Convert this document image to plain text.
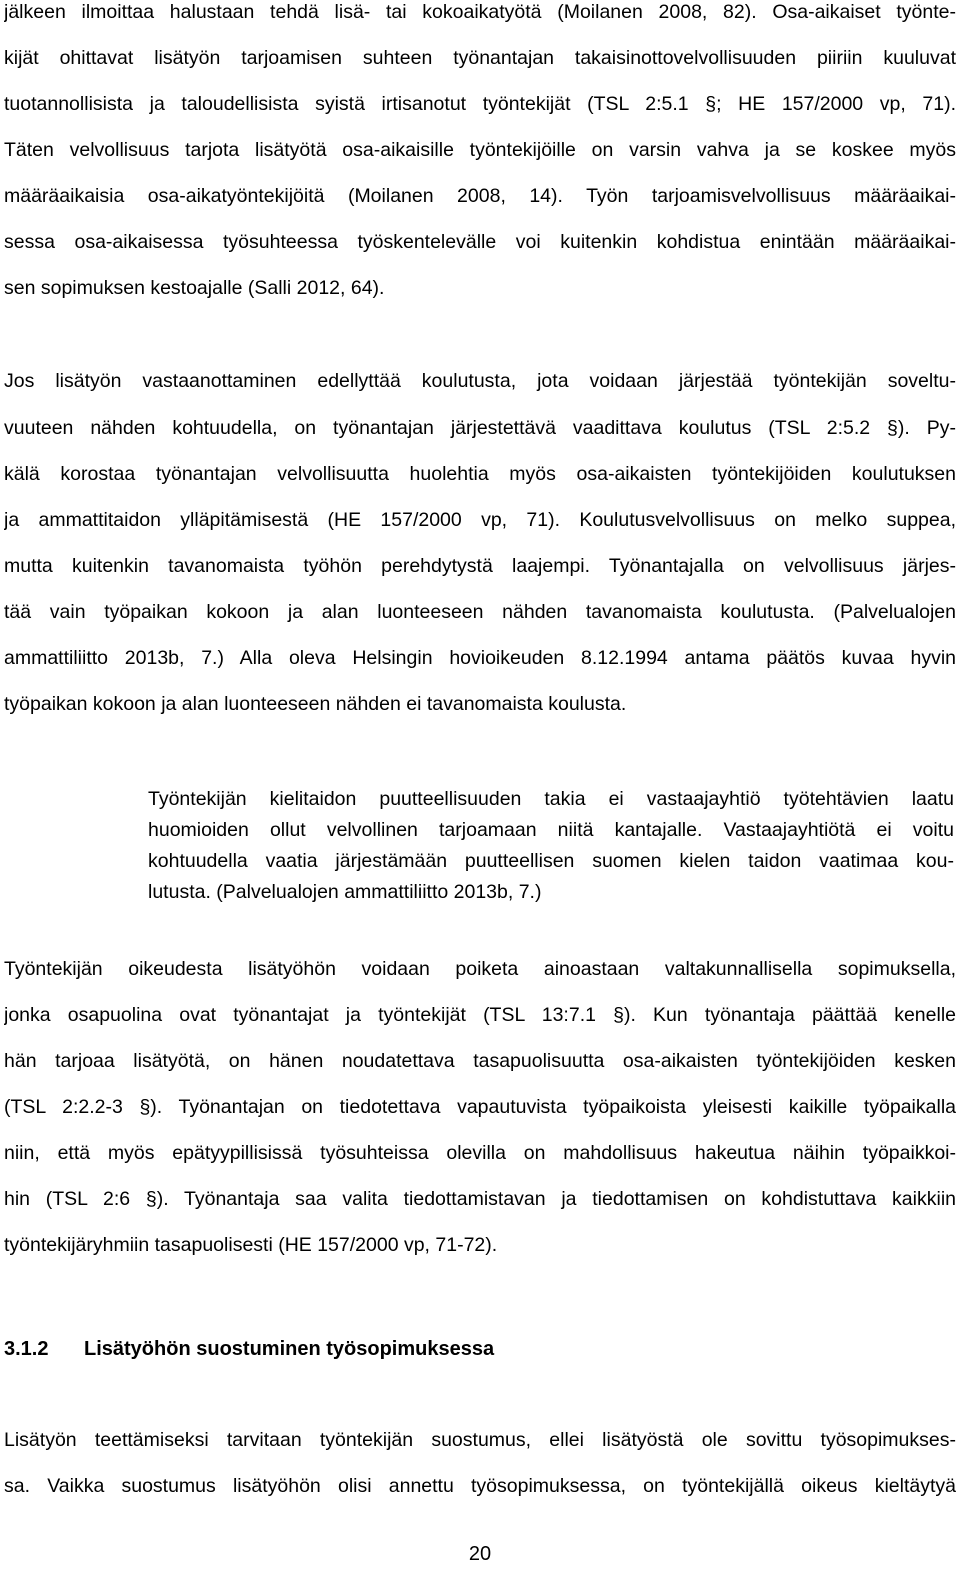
jälkeen ilmoittaa halustaan tehdä lisä- tai kokoaikatyötä (Moilanen 2008, 82). Osa-aikaiset työnte-
kijät ohittavat lisätyön tarjoamisen suhteen työnantajan takaisinottovelvollisuuden piiriin kuuluvat
tuotannollisista ja taloudellisista syistä irtisanotut työntekijät (TSL 2:5.1 §; HE 157/2000 vp, 71).
Täten velvollisuus tarjota lisätyötä osa-aikaisille työntekijöille on varsin vahva ja se koskee myös
määräaikaisia osa-aikatyöntekijöitä (Moilanen 2008, 14). Työn tarjoamisvelvollisuus määräaikai-
sessa osa-aikaisessa työsuhteessa työskentelevälle voi kuitenkin kohdistua enintään määräaikai-
sen sopimuksen kestoajalle (Salli 2012, 64).
Jos lisätyön vastaanottaminen edellyttää koulutusta, jota voidaan järjestää työntekijän soveltu-
vuuteen nähden kohtuudella, on työnantajan järjestettävä vaadittava koulutus (TSL 2:5.2 §). Py-
kälä korostaa työnantajan velvollisuutta huolehtia myös osa-aikaisten työntekijöiden koulutuksen
ja ammattitaidon ylläpitämisestä (HE 157/2000 vp, 71). Koulutusvelvollisuus on melko suppea,
mutta kuitenkin tavanomaista työhön perehdytystä laajempi. Työnantajalla on velvollisuus järjes-
tää vain työpaikan kokoon ja alan luonteeseen nähden tavanomaista koulutusta. (Palvelualojen
ammattiliitto 2013b, 7.) Alla oleva Helsingin hovioikeuden 8.12.1994 antama päätös kuvaa hyvin
työpaikan kokoon ja alan luonteeseen nähden ei tavanomaista koulusta.
Työntekijän kielitaidon puutteellisuuden takia ei vastaajayhtiö työtehtävien laatu
huomioiden ollut velvollinen tarjoamaan niitä kantajalle. Vastaajayhtiötä ei voitu
kohtuudella vaatia järjestämään puutteellisen suomen kielen taidon vaatimaa kou-
lutusta. (Palvelualojen ammattiliitto 2013b, 7.)
Työntekijän oikeudesta lisätyöhön voidaan poiketa ainoastaan valtakunnallisella sopimuksella,
jonka osapuolina ovat työnantajat ja työntekijät (TSL 13:7.1 §). Kun työnantaja päättää kenelle
hän tarjoaa lisätyötä, on hänen noudatettava tasapuolisuutta osa-aikaisten työntekijöiden kesken
(TSL 2:2.2-3 §). Työnantajan on tiedotettava vapautuvista työpaikoista yleisesti kaikille työpaikalla
niin, että myös epätyypillisissä työsuhteissa olevilla on mahdollisuus hakeutua näihin työpaikkoi-
hin (TSL 2:6 §). Työnantaja saa valita tiedottamistavan ja tiedottamisen on kohdistuttava kaikkiin
työntekijäryhmiin tasapuolisesti (HE 157/2000 vp, 71-72).
3.1.2 Lisätyöhön suostuminen työsopimuksessa
Lisätyön teettämiseksi tarvitaan työntekijän suostumus, ellei lisätyöstä ole sovittu työsopimukses-
sa. Vaikka suostumus lisätyöhön olisi annettu työsopimuksessa, on työntekijällä oikeus kieltäytyä
20
